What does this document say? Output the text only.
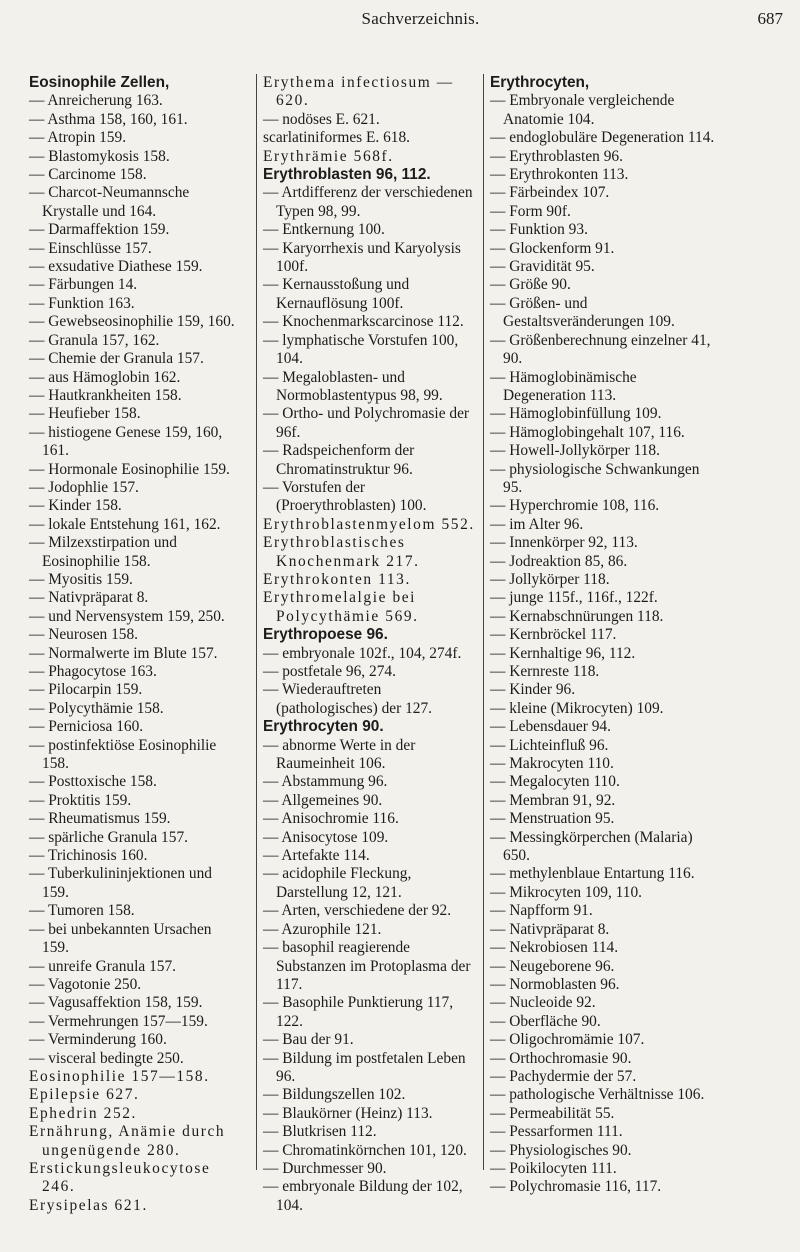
Sachverzeichnis.	687

Eosinophile Zellen,

— Anreicherung 163.

— Asthma 158, 160, 161.

— Atropin 159.

— Blastomykosis 158.

— Carcinome 158.

— Charcot-Neumannsche Krystalle und 164.

— Darmaffektion 159.

— Einschlüsse 157.

— exsudative Diathese 159.

— Färbungen 14.

— Funktion 163.

— Gewebseosinophilie 159, 160.

— Granula 157, 162.

— Chemie der Granula 157.

— aus Hämoglobin 162.

— Hautkrankheiten 158.

— Heufieber 158.

— histiogene Genese 159, 160, 161.

— Hormonale Eosinophilie 159.

— Jodophlie 157.

— Kinder 158.

— lokale Entstehung 161, 162.

— Milzexstirpation und Eosinophilie 158.

— Myositis 159.

— Nativpräparat 8.

— und Nervensystem 159, 250.

— Neurosen 158.

— Normalwerte im Blute 157.

— Phagocytose 163.

— Pilocarpin 159.

— Polycythämie 158.

— Perniciosa 160.

— postinfektiöse Eosinophilie 158.

— Posttoxische 158.

— Proktitis 159.

— Rheumatismus 159.

— spärliche Granula 157.

— Trichinosis 160.

— Tuberkulininjektionen und 159.

— Tumoren 158.

— bei unbekannten Ursachen 159.

— unreife Granula 157.

— Vagotonie 250.

— Vagusaffektion 158, 159.

— Vermehrungen 157—159.

— Verminderung 160.

— visceral bedingte 250.

Eosinophilie 157—158.

Epilepsie 627.

Ephedrin 252.

Ernährung, Anämie durch ungenügende 280.

Erstickungsleukocytose 246.

Erysipelas 621.

Erythema infectiosum — 620.

— nodöses E. 621.

scarlatiniformes E. 618.

Erythrämie 568f.

Erythroblasten 96, 112.

— Artdifferenz der verschiedenen Typen 98, 99.

— Entkernung 100.

— Karyorrhexis und Karyolysis 100f.

— Kernausstoßung und Kernauflösung 100f.

— Knochenmarkscarcinose 112.

— lymphatische Vorstufen 100, 104.

— Megaloblasten- und Normoblastentypus 98, 99.

— Ortho- und Polychromasie der 96f.

— Radspeichenform der Chromatinstruktur 96.

— Vorstufen der (Proerythroblasten) 100.

Erythroblastenmyelom 552.

Erythroblastisches Knochenmark 217.

Erythrokonten 113.

Erythromelalgie bei Polycythämie 569.

Erythropoese 96.

— embryonale 102f., 104, 274f.

— postfetale 96, 274.

— Wiederauftreten (pathologisches) der 127.

Erythrocyten 90.

— abnorme Werte in der Raumeinheit 106.

— Abstammung 96.

— Allgemeines 90.

— Anisochromie 116.

— Anisocytose 109.

— Artefakte 114.

— acidophile Fleckung, Darstellung 12, 121.

— Arten, verschiedene der 92.

— Azurophile 121.

— basophil reagierende Substanzen im Protoplasma der 117.

— Basophile Punktierung 117, 122.

— Bau der 91.

— Bildung im postfetalen Leben 96.

— Bildungszellen 102.

— Blaukörner (Heinz) 113.

— Blutkrisen 112.

— Chromatinkörnchen 101, 120.

— Durchmesser 90.

— embryonale Bildung der 102, 104.

Erythrocyten,

— Embryonale vergleichende Anatomie 104.

— endoglobuläre Degeneration 114.

— Erythroblasten 96.

— Erythrokonten 113.

— Färbeindex 107.

— Form 90f.

— Funktion 93.

— Glockenform 91.

— Gravidität 95.

— Größe 90.

— Größen- und Gestaltsveränderungen 109.

— Größenberechnung einzelner 41, 90.

— Hämoglobinämische Degeneration 113.

— Hämoglobinfüllung 109.

— Hämoglobingehalt 107, 116.

— Howell-Jollykörper 118.

— physiologische Schwankungen 95.

— Hyperchromie 108, 116.

— im Alter 96.

— Innenkörper 92, 113.

— Jodreaktion 85, 86.

— Jollykörper 118.

— junge 115f., 116f., 122f.

— Kernabschnürungen 118.

— Kernbröckel 117.

— Kernhaltige 96, 112.

— Kernreste 118.

— Kinder 96.

— kleine (Mikrocyten) 109.

— Lebensdauer 94.

— Lichteinfluß 96.

— Makrocyten 110.

— Megalocyten 110.

— Membran 91, 92.

— Menstruation 95.

— Messingkörperchen (Malaria) 650.

— methylenblaue Entartung 116.

— Mikrocyten 109, 110.

— Napfform 91.

— Nativpräparat 8.

— Nekrobiosen 114.

— Neugeborene 96.

— Normoblasten 96.

— Nucleoide 92.

— Oberfläche 90.

— Oligochromämie 107.

— Orthochromasie 90.

— Pachydermie der 57.

— pathologische Verhältnisse 106.

— Permeabilität 55.

— Pessarformen 111.

— Physiologisches 90.

— Poikilocyten 111.

— Polychromasie 116, 117.
